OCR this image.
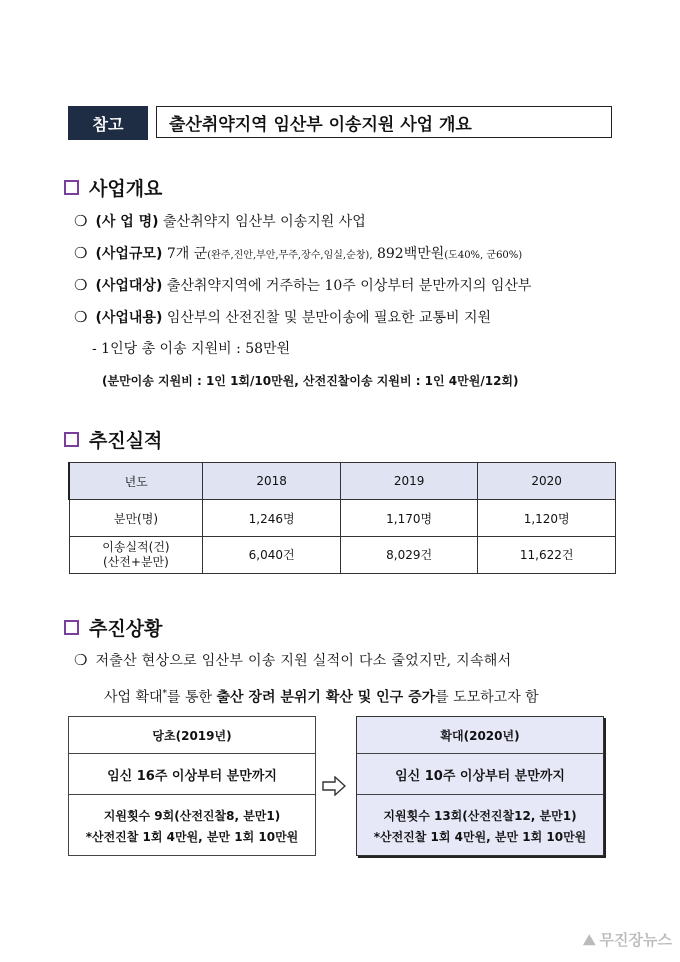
참고	출산취약지역 임산부 이송지원 사업 개요
사업개요
❍ (사 업 명) 출산취약지 임산부 이송지원 사업
❍ (사업규모) 7개 군(완주,진안,부안,무주,장수,임실,순창), 892백만원(도40%, 군60%)
❍ (사업대상) 출산취약지역에 거주하는 10주 이상부터 분만까지의 임산부
❍ (사업내용) 임산부의 산전진찰 및 분만이송에 필요한 교통비 지원
- 1인당 총 이송 지원비 : 58만원
(분만이송 지원비 : 1인 1회/10만원, 산전진찰이송 지원비 : 1인 4만원/12회)
추진실적
년도	2018	2019	2020
분만(명)	1,246명	1,170명	1,120명
이송실적(건)
(산전+분만)	6,040건	8,029건	11,622건
추진상황
❍ 저출산 현상으로 임산부 이송 지원 실적이 다소 줄었지만, 지속해서
사업 확대*를 통한 출산 장려 분위기 확산 및 인구 증가를 도모하고자 함
당초(2019년)
임신 16주 이상부터 분만까지
지원횟수 9회(산전진찰8, 분만1)
*산전진찰 1회 4만원, 분만 1회 10만원
확대(2020년)
임신 10주 이상부터 분만까지
지원횟수 13회(산전진찰12, 분만1)
*산전진찰 1회 4만원, 분만 1회 10만원
⛰ 무진장뉴스
